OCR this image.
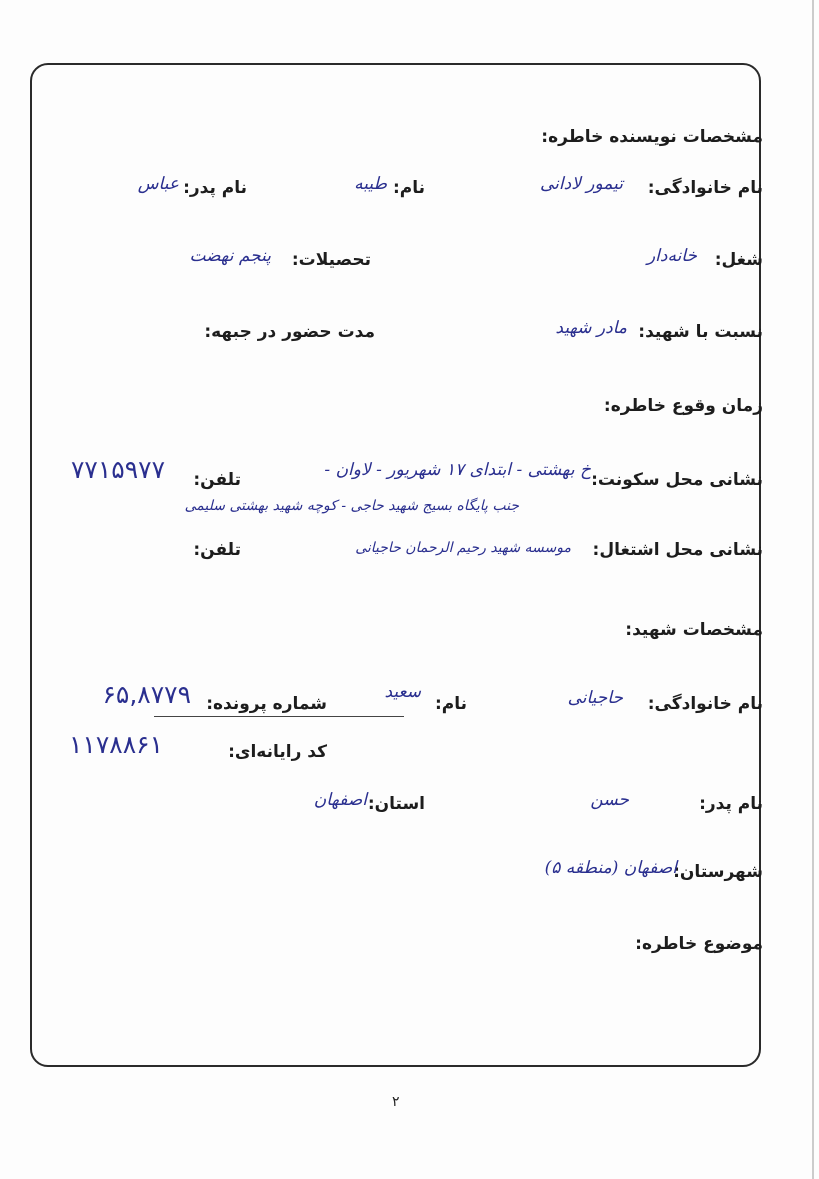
مشخصات نویسنده خاطره:
نام خانوادگی:
تیمور لادانی
نام:
طیبه
نام پدر:
عباس
شغل:
خانه‌دار
تحصیلات:
پنجم نهضت
نسبت با شهید:
مادر شهید
مدت حضور در جبهه:
زمان وقوع خاطره:
نشانی محل سکونت:
خ بهشتی - ابتدای ۱۷ شهریور - لاوان -
جنب پایگاه بسیج شهید حاجی - کوچه شهید بهشتی سلیمی
تلفن:
۷۷۱۵۹۷۷
نشانی محل اشتغال:
موسسه شهید رحیم الرحمان حاجیانی
تلفن:
مشخصات شهید:
نام خانوادگی:
حاجیانی
نام:
سعید
شماره پرونده:
۶۵,۸۷۷۹
کد رایانه‌ای:
۱۱۷۸۸۶۱
نام پدر:
حسن
استان:
اصفهان
شهرستان:
اصفهان (منطقه ۵)
موضوع خاطره:
۲
